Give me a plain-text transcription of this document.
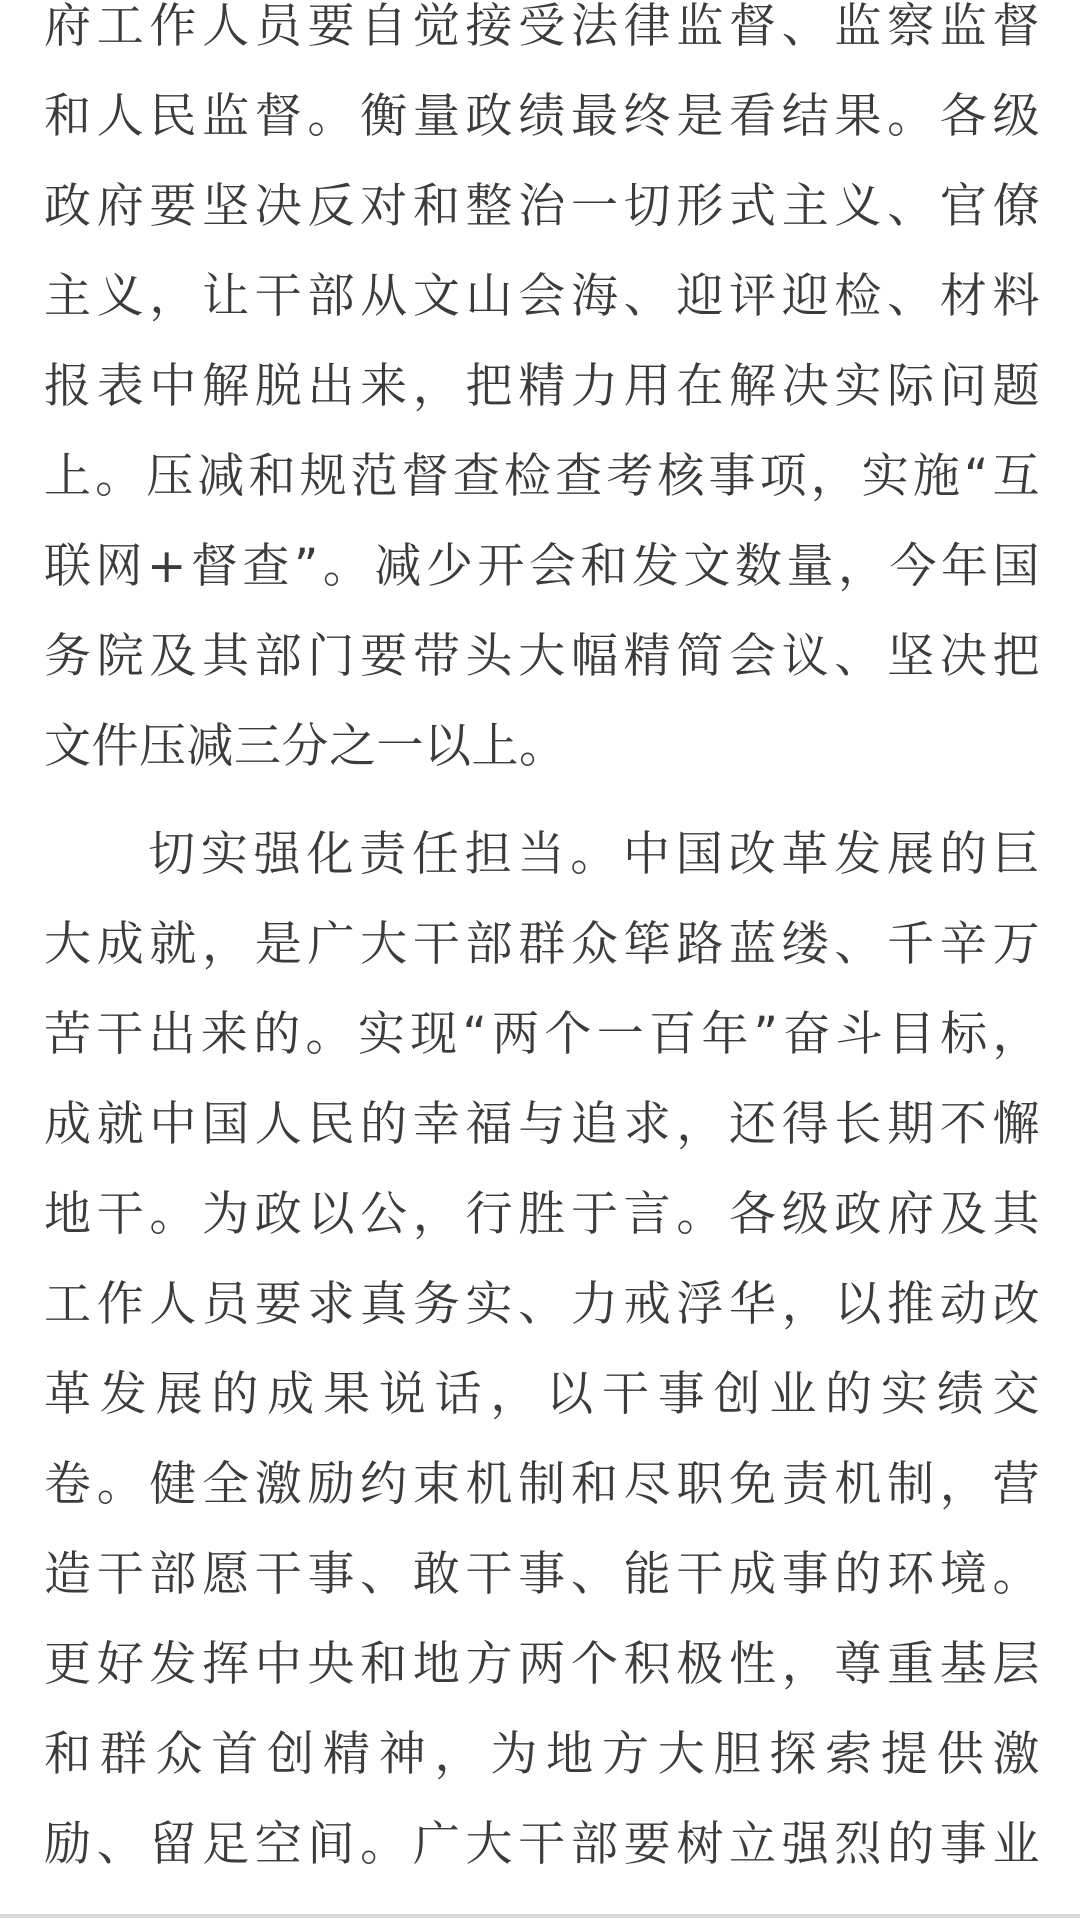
府工作人员要自觉接受法律监督、监察监督
和人民监督。衡量政绩最终是看结果。各级
政府要坚决反对和整治一切形式主义、官僚
主义，让干部从文山会海、迎评迎检、材料
报表中解脱出来，把精力用在解决实际问题
上。压减和规范督查检查考核事项，实施“互
联网+督查”。减少开会和发文数量，今年国
务院及其部门要带头大幅精简会议、坚决把
文件压减三分之一以上。
切实强化责任担当。中国改革发展的巨
大成就，是广大干部群众筚路蓝缕、千辛万
苦干出来的。实现“两个一百年”奋斗目标，
成就中国人民的幸福与追求，还得长期不懈
地干。为政以公，行胜于言。各级政府及其
工作人员要求真务实、力戒浮华，以推动改
革发展的成果说话，以干事创业的实绩交
卷。健全激励约束机制和尽职免责机制，营
造干部愿干事、敢干事、能干成事的环境。
更好发挥中央和地方两个积极性，尊重基层
和群众首创精神，为地方大胆探索提供激
励、留足空间。广大干部要树立强烈的事业
